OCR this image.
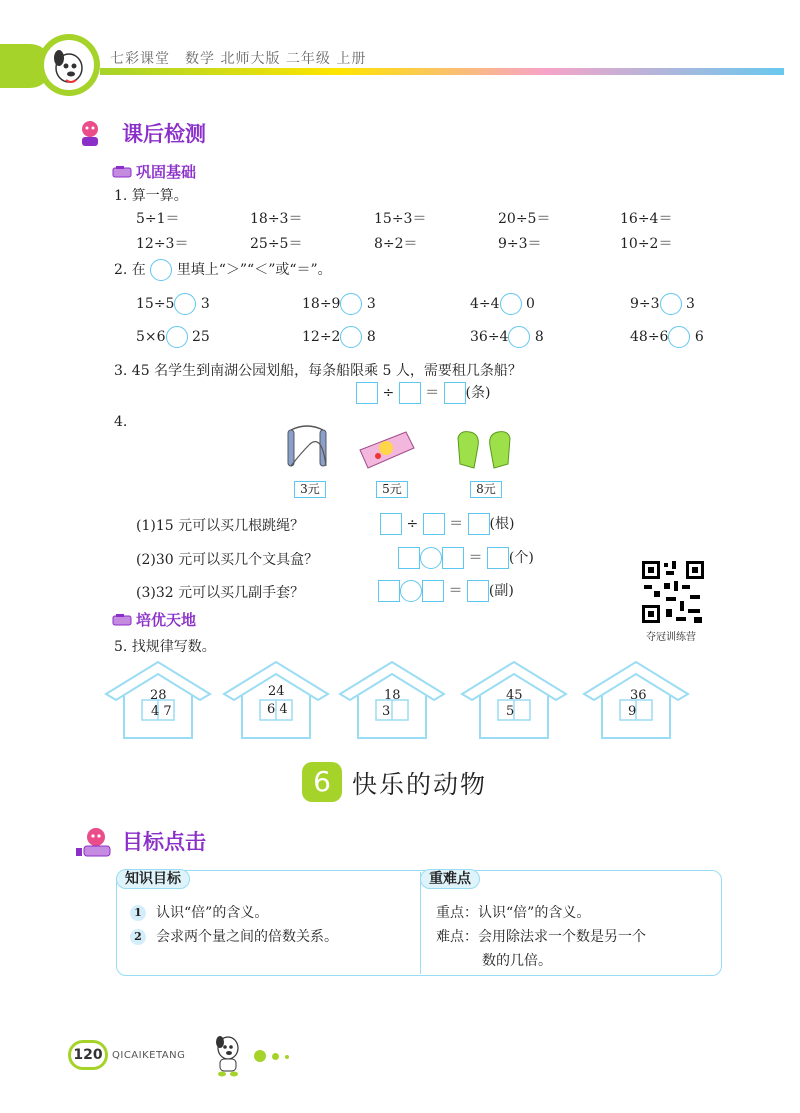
七彩课堂　数学 北师大版 二年级 上册
课后检测
巩固基础
1. 算一算。
5÷1＝	18÷3＝	15÷3＝	20÷5＝	16÷4＝
12÷3＝	25÷5＝	8÷2＝	9÷3＝	10÷2＝
2. 在 里填上“＞”“＜”或“＝”。
15÷5 3	18÷9 3	4÷4 0	9÷3 3
5×6 25	12÷2 8	36÷4 8	48÷6 6
3. 45 名学生到南湖公园划船，每条船限乘 5 人，需要租几条船？
÷ ＝ (条)
4.
3元	5元	8元
(1)15 元可以买几根跳绳？	÷ ＝ (根)
(2)30 元可以买几个文具盒？	＝ (个)
(3)32 元可以买几副手套？	＝ (副)
夺冠训练营
培优天地
5. 找规律写数。
28
4 7
24
6 4
18
3
45
5
36
9
6 快乐的动物
目标点击
知识目标	重难点
1 认识“倍”的含义。
2 会求两个量之间的倍数关系。
重点：认识“倍”的含义。
难点：会用除法求一个数是另一个
数的几倍。
120 QICAIKETANG
